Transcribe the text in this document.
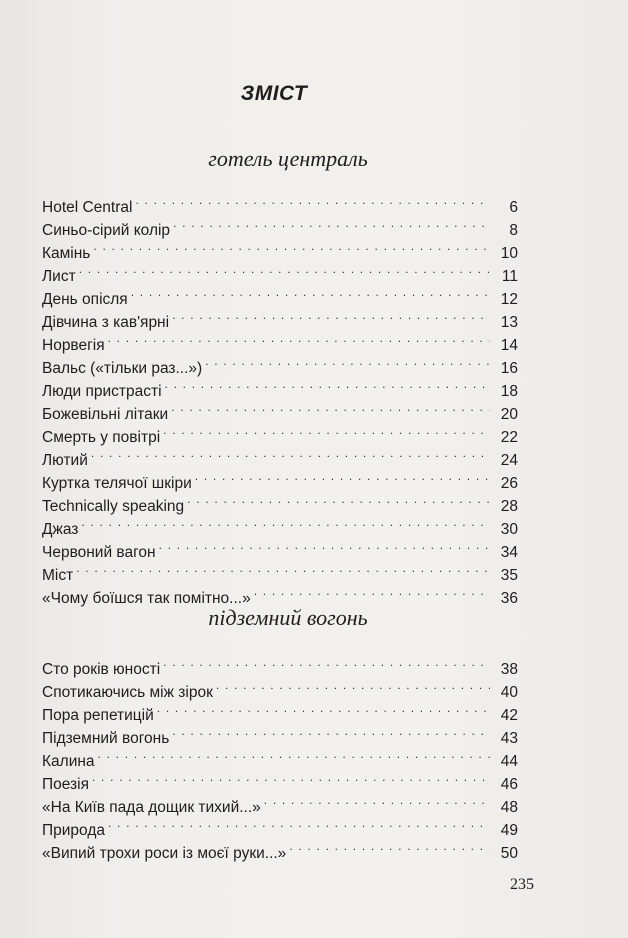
ЗМІСТ
готель централь
Hotel Central . . .	6
Синьо-сірий колір . . .	8
Камінь . . .	10
Лист . . .	11
День опісля . . .	12
Дівчина з кав'ярні . . .	13
Норвегія . . .	14
Вальс («тільки раз...») . . .	16
Люди пристрасті . . .	18
Божевільні літаки . . .	20
Смерть у повітрі . . .	22
Лютий . . .	24
Куртка телячої шкіри . . .	26
Technically speaking . . .	28
Джаз . . .	30
Червоний вагон . . .	34
Міст . . .	35
«Чому боїшся так помітно...» . . .	36
підземний вогонь
Сто років юності . . .	38
Спотикаючись між зірок . . .	40
Пора репетицій . . .	42
Підземний вогонь . . .	43
Калина . . .	44
Поезія . . .	46
«На Київ пада дощик тихий...» . . .	48
Природа . . .	49
«Випий трохи роси із моєї руки...» . . .	50
235
